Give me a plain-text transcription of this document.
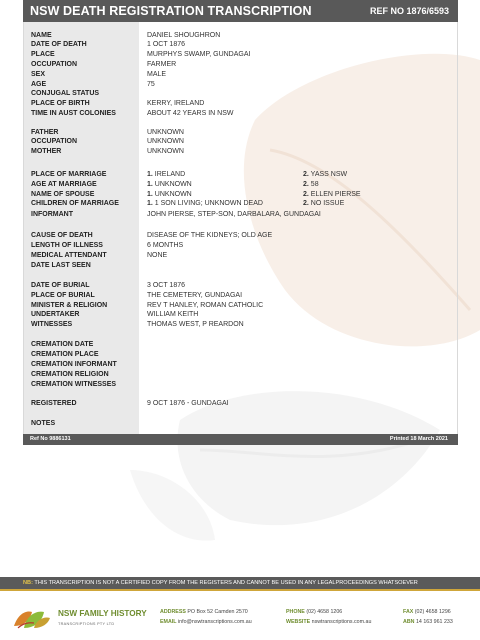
NSW DEATH REGISTRATION TRANSCRIPTION	REF NO 1876/6593
NAME	DANIEL SHOUGHRON
DATE OF DEATH	1 OCT 1876
PLACE	MURPHYS SWAMP, GUNDAGAI
OCCUPATION	FARMER
SEX	MALE
AGE	75
CONJUGAL STATUS
PLACE OF BIRTH	KERRY, IRELAND
TIME IN AUST COLONIES	ABOUT 42 YEARS IN NSW
FATHER	UNKNOWN
OCCUPATION	UNKNOWN
MOTHER	UNKNOWN
PLACE OF MARRIAGE	1. IRELAND	2. YASS NSW
AGE AT MARRIAGE	1. UNKNOWN	2. 58
NAME OF SPOUSE	1. UNKNOWN	2. ELLEN PIERSE
CHILDREN OF MARRIAGE	1. 1 SON LIVING; UNKNOWN DEAD	2. NO ISSUE
INFORMANT	JOHN PIERSE, STEP-SON, DARBALARA, GUNDAGAI
CAUSE OF DEATH	DISEASE OF THE KIDNEYS; OLD AGE
LENGTH OF ILLNESS	6 MONTHS
MEDICAL ATTENDANT	NONE
DATE LAST SEEN
DATE OF BURIAL	3 OCT 1876
PLACE OF BURIAL	THE CEMETERY, GUNDAGAI
MINISTER & RELIGION	REV T HANLEY, ROMAN CATHOLIC
UNDERTAKER	WILLIAM KEITH
WITNESSES	THOMAS WEST, P REARDON
CREMATION DATE
CREMATION PLACE
CREMATION INFORMANT
CREMATION RELIGION
CREMATION WITNESSES
REGISTERED	9 OCT 1876 - GUNDAGAI
NOTES
Ref No 9886131	Printed 18 March 2021
NB: THIS TRANSCRIPTION IS NOT A CERTIFIED COPY FROM THE REGISTERS AND CANNOT BE USED IN ANY LEGALPROCEEDINGS WHATSOEVER
NSW FAMILY HISTORY
TRANSCRIPTIONS PTY LTD
ADDRESS PO Box 52 Camden 2570
EMAIL info@nswtranscriptions.com.au
PHONE (02) 4658 1206
WEBSITE nswtranscriptions.com.au
FAX (02) 4658 1296
ABN 14 163 961 233
